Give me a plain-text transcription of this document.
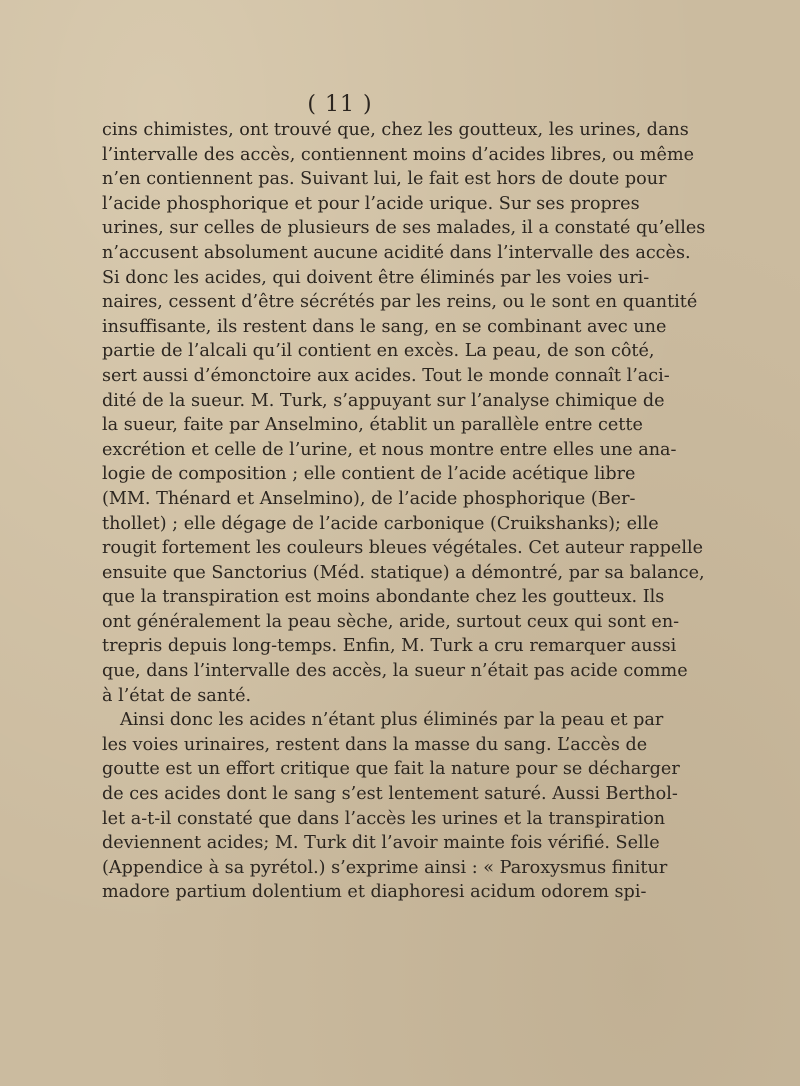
( 11 )
cins chimistes, ont trouvé que, chez les goutteux, les urines, dans
l’intervalle des accès, contiennent moins d’acides libres, ou même
n’en contiennent pas. Suivant lui, le fait est hors de doute pour
l’acide phosphorique et pour l’acide urique. Sur ses propres
urines, sur celles de plusieurs de ses malades, il a constaté qu’elles
n’accusent absolument aucune acidité dans l’intervalle des accès.
Si donc les acides, qui doivent être éliminés par les voies uri-
naires, cessent d’être sécrétés par les reins, ou le sont en quantité
insuffisante, ils restent dans le sang, en se combinant avec une
partie de l’alcali qu’il contient en excès. La peau, de son côté,
sert aussi d’émonctoire aux acides. Tout le monde connaît l’aci-
dité de la sueur. M. Turk, s’appuyant sur l’analyse chimique de
la sueur, faite par Anselmino, établit un parallèle entre cette
excrétion et celle de l’urine, et nous montre entre elles une ana-
logie de composition ; elle contient de l’acide acétique libre
(MM. Thénard et Anselmino), de l’acide phosphorique (Ber-
thollet) ; elle dégage de l’acide carbonique (Cruikshanks); elle
rougit fortement les couleurs bleues végétales. Cet auteur rappelle
ensuite que Sanctorius (Méd. statique) a démontré, par sa balance,
que la transpiration est moins abondante chez les goutteux. Ils
ont généralement la peau sèche, aride, surtout ceux qui sont en-
trepris depuis long-temps. Enfin, M. Turk a cru remarquer aussi
que, dans l’intervalle des accès, la sueur n’était pas acide comme
à l’état de santé.
Ainsi donc les acides n’étant plus éliminés par la peau et par
les voies urinaires, restent dans la masse du sang. L’accès de
goutte est un effort critique que fait la nature pour se décharger
de ces acides dont le sang s’est lentement saturé. Aussi Berthol-
let a-t-il constaté que dans l’accès les urines et la transpiration
deviennent acides; M. Turk dit l’avoir mainte fois vérifié. Selle
(Appendice à sa pyrétol.) s’exprime ainsi : « Paroxysmus finitur
madore partium dolentium et diaphoresi acidum odorem spi-
